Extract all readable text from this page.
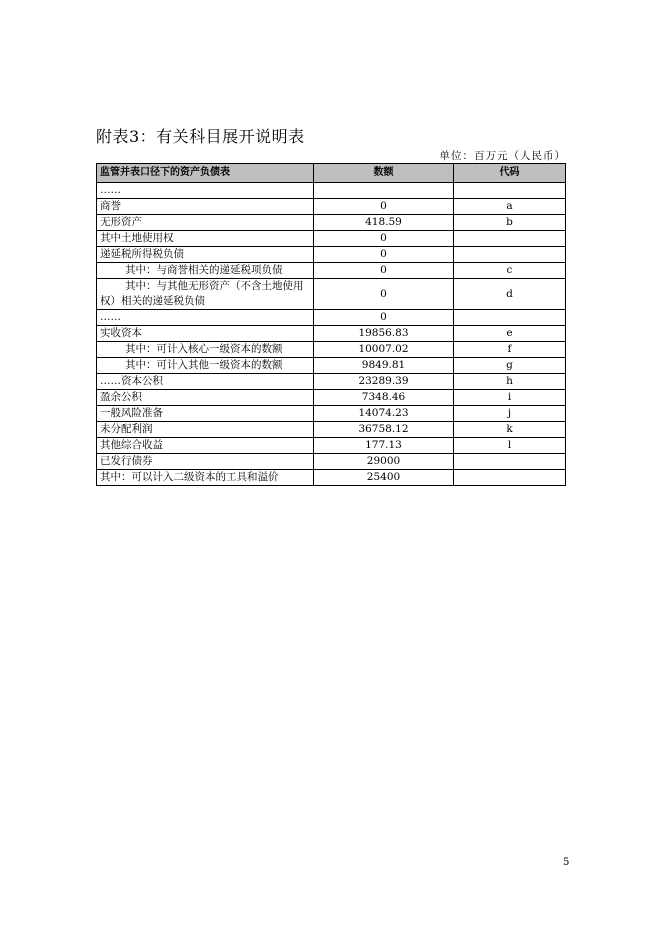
附表3：有关科目展开说明表
单位：百万元（人民币）
监管并表口径下的资产负债表	数额	代码
……		
商誉	0	a
无形资产	418.59	b
其中土地使用权	0	
递延税所得税负债	0	
其中：与商誉相关的递延税项负债	0	c
其中：与其他无形资产（不含土地使用权）相关的递延税负债	0	d
……	0	
实收资本	19856.83	e
其中：可计入核心一级资本的数额	10007.02	f
其中：可计入其他一级资本的数额	9849.81	g
……资本公积	23289.39	h
盈余公积	7348.46	i
一般风险准备	14074.23	j
未分配利润	36758.12	k
其他综合收益	177.13	l
已发行债券	29000	
其中：可以计入二级资本的工具和溢价	25400	
5
